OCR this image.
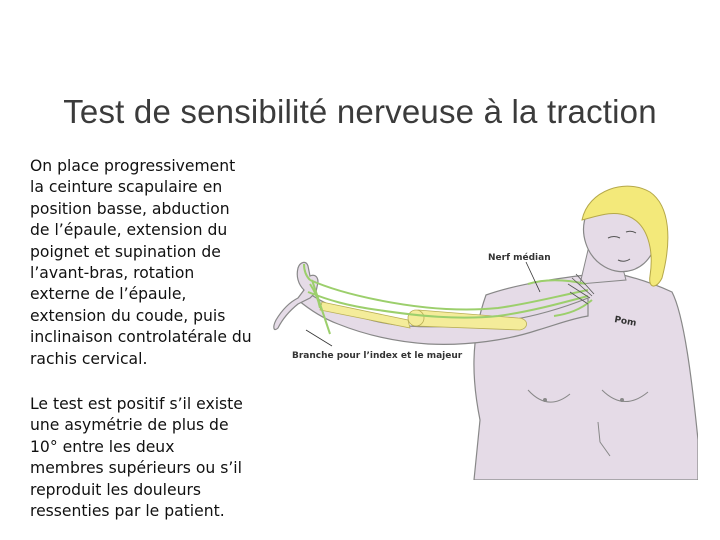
Test de sensibilité nerveuse à la traction

On place progressivement la ceinture scapulaire en position basse, abduction de l’épaule, extension du poignet et supination de l’avant-bras, rotation externe de l’épaule, extension du coude, puis inclinaison controlatérale du rachis cervical.

Le test est positif s’il existe une asymétrie de plus de 10° entre les deux membres supérieurs ou s’il reproduit les douleurs ressenties par le patient.

Nerf médian
Branche pour l’index et le majeur
Pom
